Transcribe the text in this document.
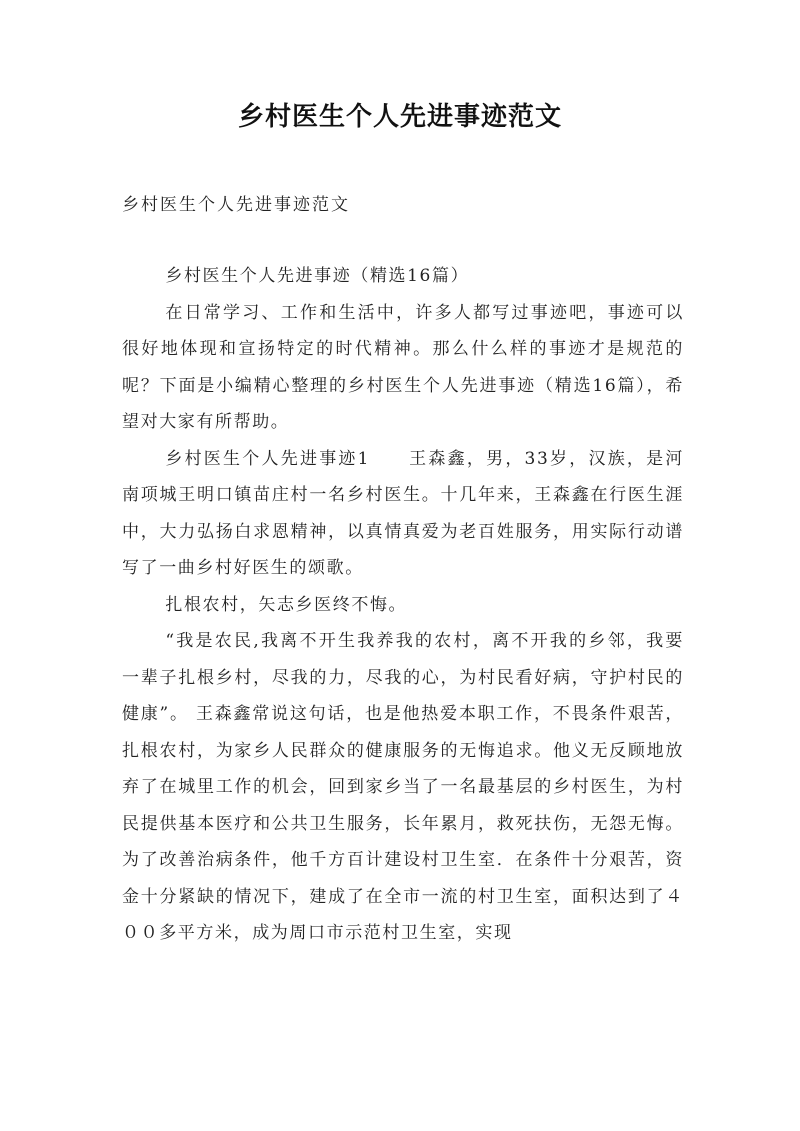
乡村医生个人先进事迹范文
乡村医生个人先进事迹范文

乡村医生个人先进事迹（精选16篇）

在日常学习、工作和生活中，许多人都写过事迹吧，事迹可以很好地体现和宣扬特定的时代精神。那么什么样的事迹才是规范的呢？下面是小编精心整理的乡村医生个人先进事迹（精选16篇），希望对大家有所帮助。

乡村医生个人先进事迹1　　王森鑫，男，33岁，汉族，是河南项城王明口镇苗庄村一名乡村医生。十几年来，王森鑫在行医生涯中，大力弘扬白求恩精神，以真情真爱为老百姓服务，用实际行动谱写了一曲乡村好医生的颂歌。

扎根农村，矢志乡医终不悔。

“我是农民,我离不开生我养我的农村，离不开我的乡邻，我要一辈子扎根乡村，尽我的力，尽我的心，为村民看好病，守护村民的健康”。 王森鑫常说这句话，也是他热爱本职工作，不畏条件艰苦，扎根农村，为家乡人民群众的健康服务的无悔追求。他义无反顾地放弃了在城里工作的机会，回到家乡当了一名最基层的乡村医生，为村民提供基本医疗和公共卫生服务，长年累月，救死扶伤，无怨无悔。为了改善治病条件，他千方百计建设村卫生室．在条件十分艰苦，资金十分紧缺的情况下，建成了在全市一流的村卫生室，面积达到了４００多平方米，成为周口市示范村卫生室，实现
